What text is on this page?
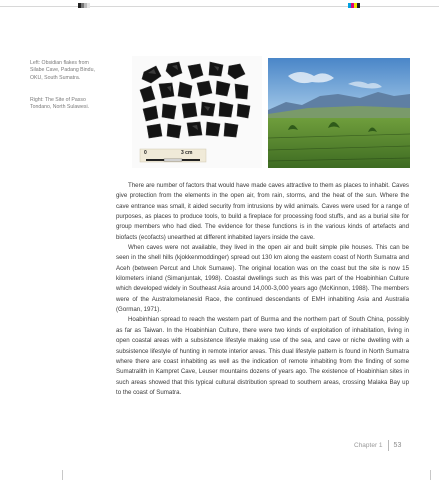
Left: Obsidian flakes from Silabe Cave, Padang Bindu, OKU, South Sumatra.
Right: The Site of Passo Tondano, North Sulawesi.
0	3 cm

There are number of factors that would have made caves attractive to them as places to inhabit. Caves give protection from the elements in the open air, from rain, storms, and the heat of the sun. Where the cave entrance was small, it aided security from intrusions by wild animals. Caves were used for a range of purposes, as places to produce tools, to build a fireplace for processing food stuffs, and as a burial site for group members who had died. The evidence for these functions is in the various kinds of artefacts and biofacts (ecofacts) unearthed at different inhabited layers inside the cave.

When caves were not available, they lived in the open air and built simple pile houses. This can be seen in the shell hills (kjokkenmoddinger) spread out 130 km along the eastern coast of North Sumatra and Aceh (between Percut and Lhok Sumawe). The original location was on the coast but the site is now 15 kilometers inland (Simanjuntak, 1998). Coastal dwellings such as this was part of the Hoabinhian Culture which developed widely in Southeast Asia around 14,000-3,000 years ago (McKinnon, 1988). The members were of the Australomelanesid Race, the continued descendants of EMH inhabiting Asia and Australia (Gorman, 1971).

Hoabinhian spread to reach the western part of Burma and the northern part of South China, possibly as far as Taiwan. In the Hoabinhian Culture, there were two kinds of exploitation of inhabitation, living in open coastal areas with a subsistence lifestyle making use of the sea, and cave or niche dwelling with a subsistence lifestyle of hunting in remote interior areas. This dual lifestyle pattern is found in North Sumatra where there are coast inhabiting as well as the indication of remote inhabiting from the finding of some Sumatralith in Kampret Cave, Leuser mountains dozens of years ago. The existence of Hoabinhian sites in such areas showed that this typical cultural distribution spread to southern areas, crossing Malaka Bay up to the coast of Sumatra.

Chapter 1 53
